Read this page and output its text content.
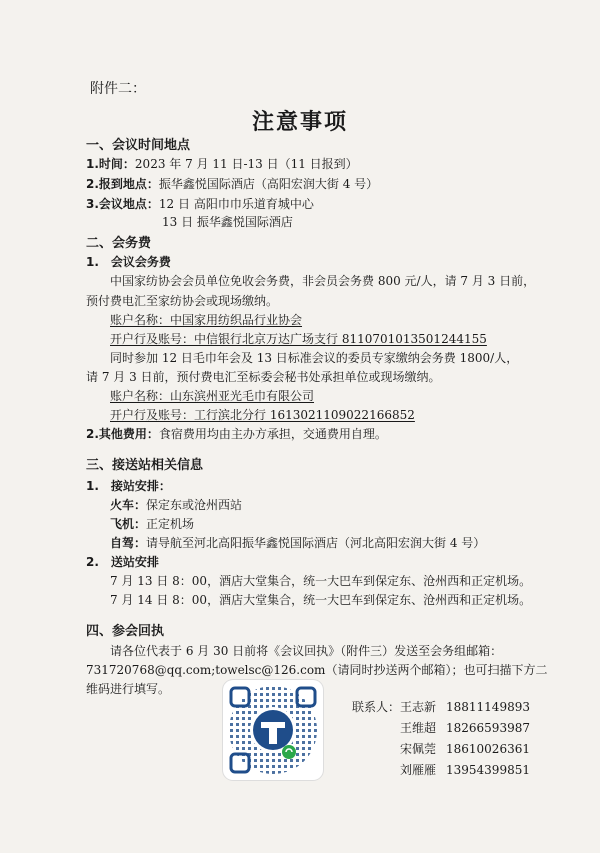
附件二：
注意事项
一、会议时间地点
1.时间：2023 年 7 月 11 日-13 日（11 日报到）
2.报到地点：振华鑫悦国际酒店（高阳宏润大街 4 号）
3.会议地点：12 日 高阳巾巾乐道育城中心
13 日 振华鑫悦国际酒店
二、会务费
1.　会议会务费
中国家纺协会会员单位免收会务费，非会员会务费 800 元/人，请 7 月 3 日前，
预付费电汇至家纺协会或现场缴纳。
账户名称：中国家用纺织品行业协会
开户行及账号：中信银行北京万达广场支行 8110701013501244155
同时参加 12 日毛巾年会及 13 日标准会议的委员专家缴纳会务费 1800/人，
请 7 月 3 日前，预付费电汇至标委会秘书处承担单位或现场缴纳。
账户名称：山东滨州亚光毛巾有限公司
开户行及账号：工行滨北分行 1613021109022166852
2.其他费用：食宿费用均由主办方承担，交通费用自理。
三、接送站相关信息
1.　接站安排：
火车：保定东或沧州西站
飞机：正定机场
自驾：请导航至河北高阳振华鑫悦国际酒店（河北高阳宏润大街 4 号）
2.　送站安排
7 月 13 日 8：00，酒店大堂集合，统一大巴车到保定东、沧州西和正定机场。
7 月 14 日 8：00，酒店大堂集合，统一大巴车到保定东、沧州西和正定机场。
四、参会回执
请各位代表于 6 月 30 日前将《会议回执》（附件三）发送至会务组邮箱：
731720768@qq.com;towelsc@126.com（请同时抄送两个邮箱）；也可扫描下方二
维码进行填写。
联系人： 王志新 18811149893
王维超 18266593987
宋佩莞 18610026361
刘雁雁 13954399851
